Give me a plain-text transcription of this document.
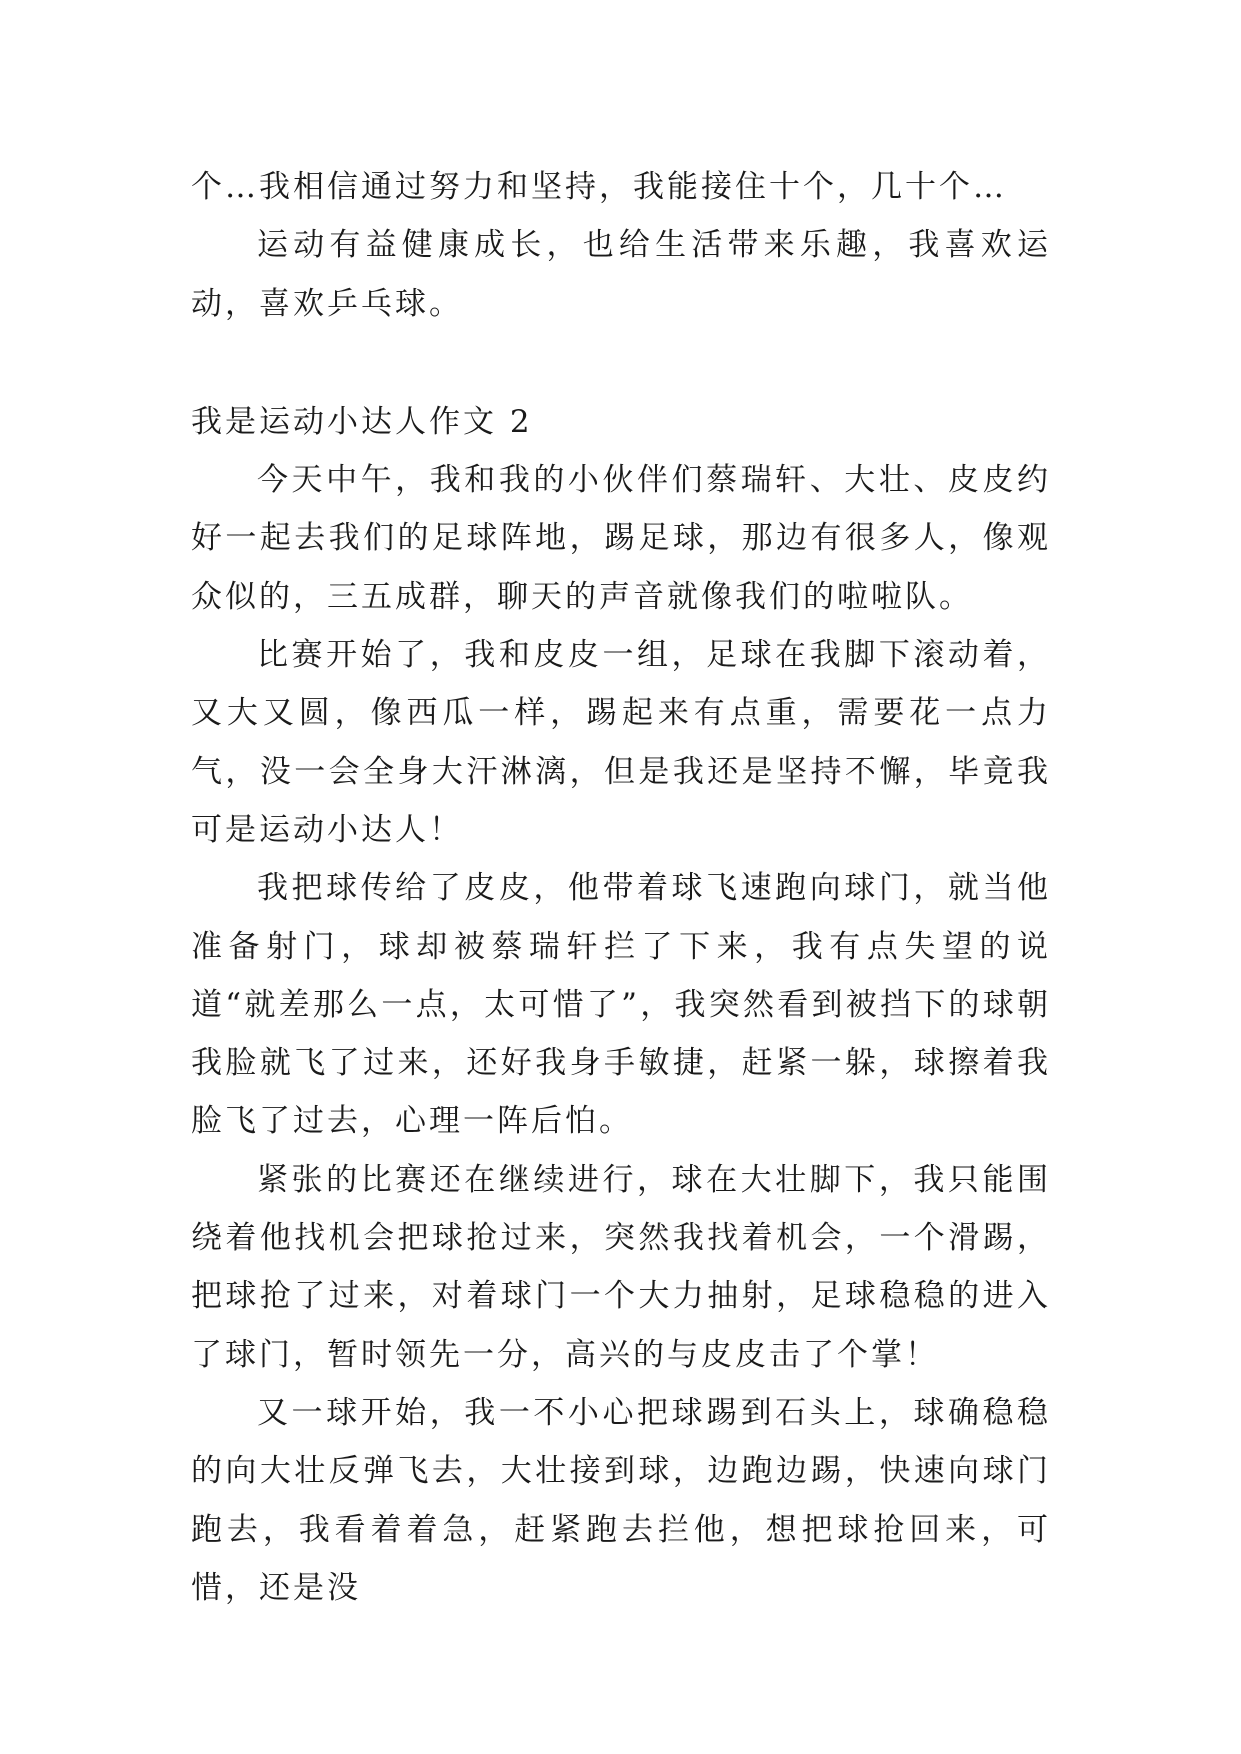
个…我相信通过努力和坚持，我能接住十个，几十个…

运动有益健康成长，也给生活带来乐趣，我喜欢运动，喜欢乒乓球。

我是运动小达人作文 2

今天中午，我和我的小伙伴们蔡瑞轩、大壮、皮皮约好一起去我们的足球阵地，踢足球，那边有很多人，像观众似的，三五成群，聊天的声音就像我们的啦啦队。

比赛开始了，我和皮皮一组，足球在我脚下滚动着，又大又圆，像西瓜一样，踢起来有点重，需要花一点力气，没一会全身大汗淋漓，但是我还是坚持不懈，毕竟我可是运动小达人！

我把球传给了皮皮，他带着球飞速跑向球门，就当他准备射门，球却被蔡瑞轩拦了下来，我有点失望的说道“就差那么一点，太可惜了”，我突然看到被挡下的球朝我脸就飞了过来，还好我身手敏捷，赶紧一躲，球擦着我脸飞了过去，心理一阵后怕。

紧张的比赛还在继续进行，球在大壮脚下，我只能围绕着他找机会把球抢过来，突然我找着机会，一个滑踢，把球抢了过来，对着球门一个大力抽射，足球稳稳的进入了球门，暂时领先一分，高兴的与皮皮击了个掌！

又一球开始，我一不小心把球踢到石头上，球确稳稳的向大壮反弹飞去，大壮接到球，边跑边踢，快速向球门跑去，我看着着急，赶紧跑去拦他，想把球抢回来，可惜，还是没
